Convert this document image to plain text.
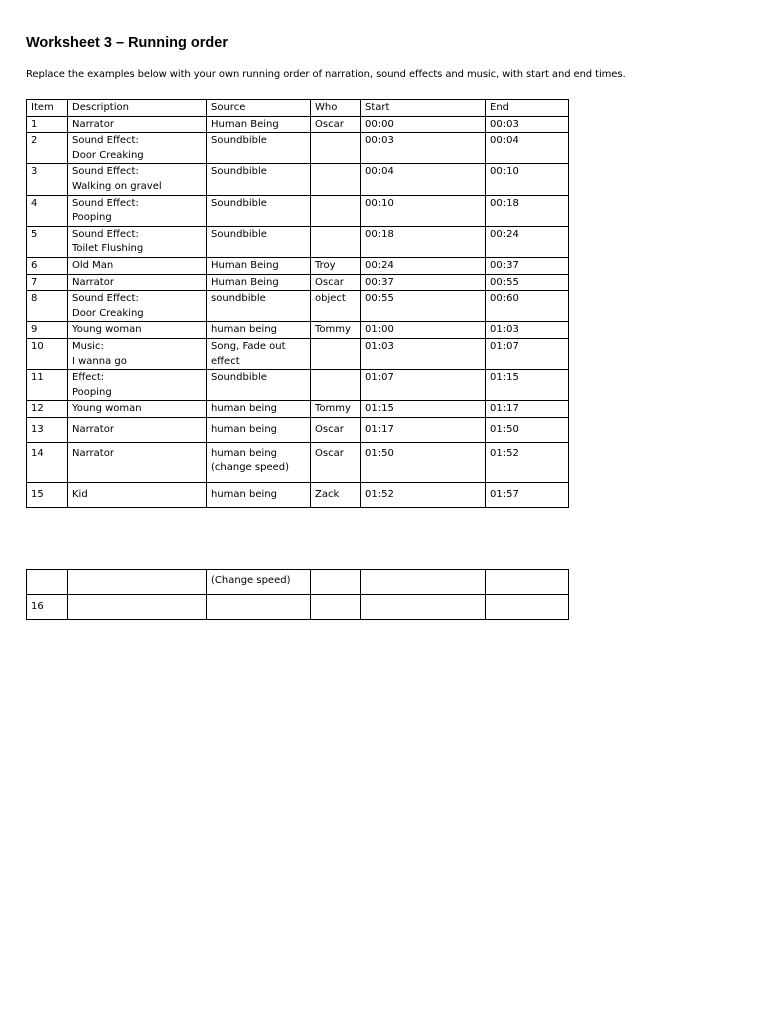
Worksheet 3 – Running order

Replace the examples below with your own running order of narration, sound effects and music, with start and end times.

Item	Description	Source	Who	Start	End
1	Narrator	Human Being	Oscar	00:00	00:03
2	Sound Effect:
Door Creaking	Soundbible		00:03	00:04
3	Sound Effect:
Walking on gravel	Soundbible		00:04	00:10
4	Sound Effect:
Pooping	Soundbible		00:10	00:18
5	Sound Effect:
Toilet Flushing	Soundbible		00:18	00:24
6	Old Man	Human Being	Troy	00:24	00:37
7	Narrator	Human Being	Oscar	00:37	00:55
8	Sound Effect:
Door Creaking	soundbible	object	00:55	00:60
9	Young woman	human being	Tommy	01:00	01:03
10	Music:
I wanna go	Song, Fade out
effect		01:03	01:07
11	Effect:
Pooping	Soundbible		01:07	01:15
12	Young woman	human being	Tommy	01:15	01:17
13	Narrator	human being	Oscar	01:17	01:50
14	Narrator	human being
(change speed)	Oscar	01:50	01:52
15	Kid	human being	Zack	01:52	01:57
		(Change speed)			
16					
